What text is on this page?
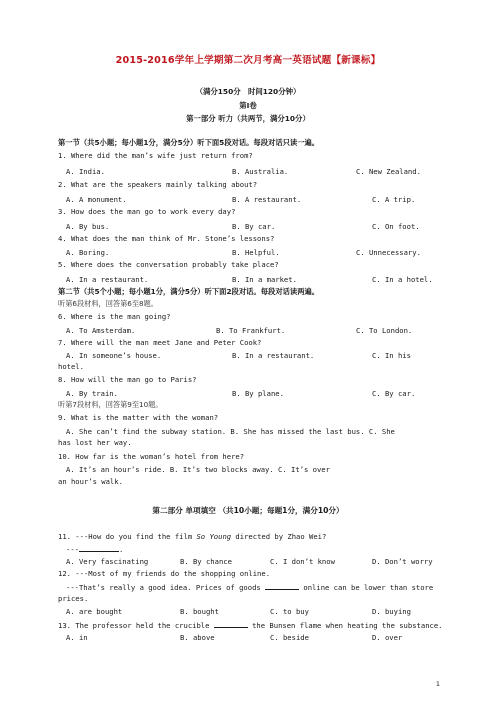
2015-2016学年上学期第二次月考高一英语试题【新课标】
（满分150分　时间120分钟）
第Ⅰ卷
第一部分 听力（共两节，满分10分）
第一节（共5小题；每小题1分，满分5分）听下面5段对话。每段对话只读一遍。
1. Where did the man’s wife just return from?
A. India.	B. Australia.	C. New Zealand.
2. What are the speakers mainly talking about?
A. A monument.	B. A restaurant.	C. A trip.
3. How does the man go to work every day?
A. By bus.	B. By car.	C. On foot.
4. What does the man think of Mr. Stone’s lessons?
A. Boring.	B. Helpful.	C. Unnecessary.
5. Where does the conversation probably take place?
A. In a restaurant.	B. In a market.	C. In a hotel.
第二节（共5个小题；每小题1分，满分5分）听下面2段对话。每段对话读两遍。
听第6段材料，回答第6至8题。
6. Where is the man going?
A. To Amsterdam.	B. To Frankfurt.	C. To London.
7. Where will the man meet Jane and Peter Cook?
A. In someone’s house.	B. In a restaurant.	C. In his
hotel.
8. How will the man go to Paris?
A. By train.	B. By plane.	C. By car.
听第7段材料，回答第9至10题。
9. What is the matter with the woman?
A. She can’t find the subway station. B. She has missed the last bus. C. She
has lost her way.
10. How far is the woman’s hotel from here?
A. It’s an hour’s ride. B. It’s two blocks away. C. It’s over
an hour’s walk.
第二部分 单项填空 （共10小题；每题1分，满分10分）
11. ---How do you find the film So Young directed by Zhao Wei?
---	.
A. Very fascinating	B. By chance	C. I don’t know	D. Don’t worry
12. ---Most of my friends do the shopping online.
---That’s really a good idea. Prices of goods	online can be lower than store
prices.
A. are bought	B. bought	C. to buy	D. buying
13. The professor held the crucible	the Bunsen flame when heating the substance.
A. in	B. above	C. beside	D. over
1
